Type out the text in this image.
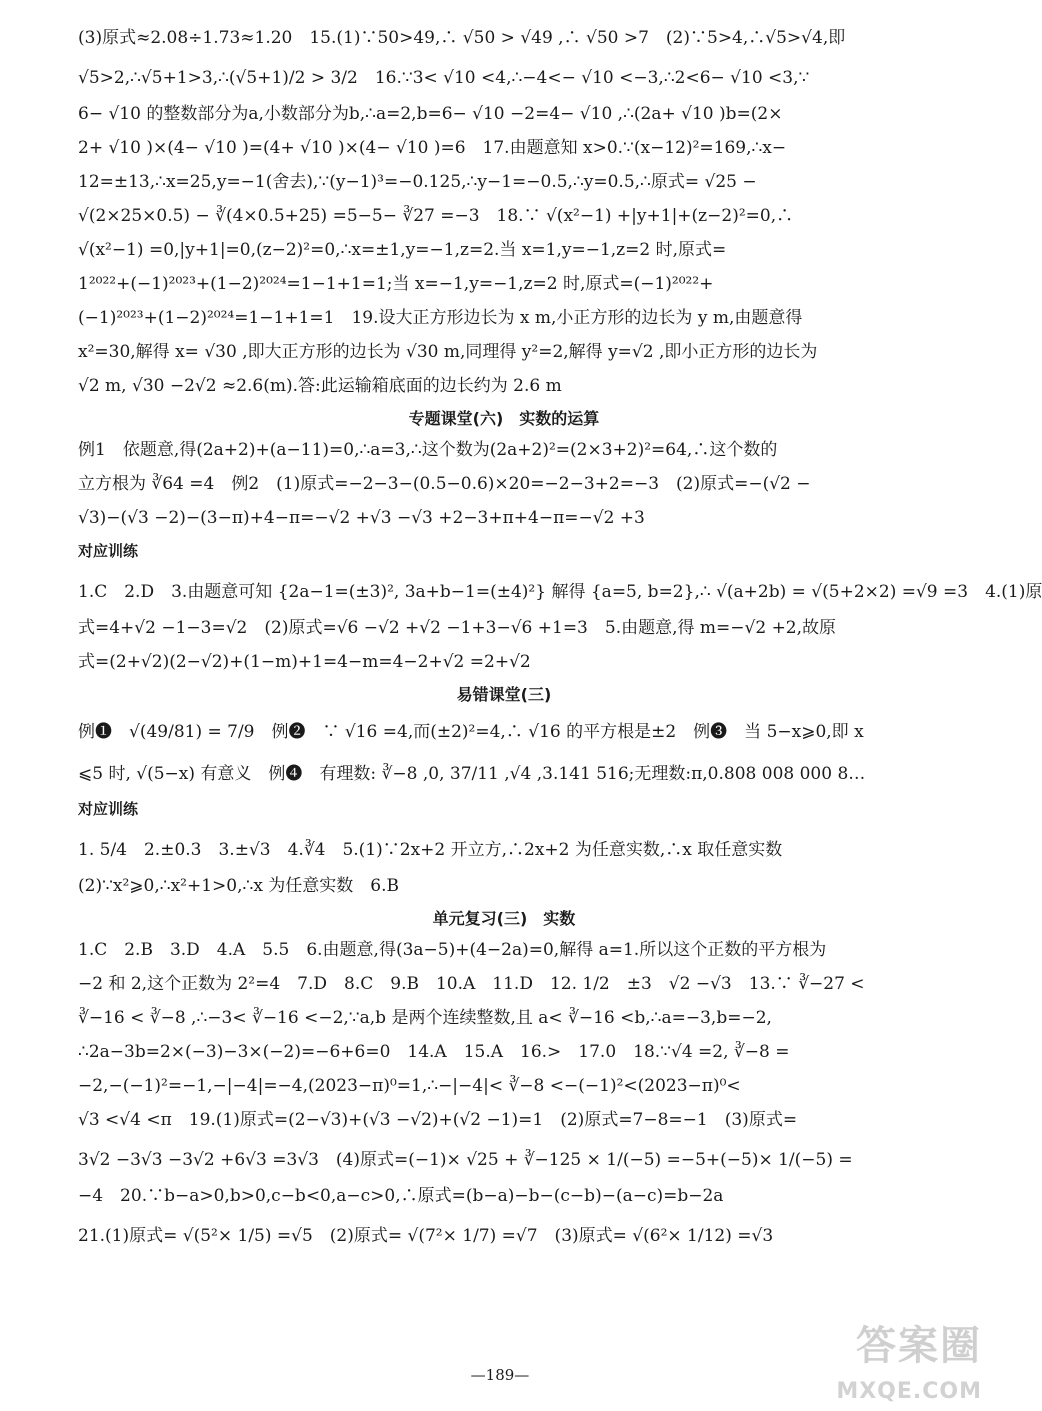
(3)原式≈2.08÷1.73≈1.20　15.(1)∵50>49,∴ √50 > √49 ,∴ √50 >7　(2)∵5>4,∴√5>√4,即
√5>2,∴√5+1>3,∴(√5+1)/2 > 3/2　16.∵3< √10 <4,∴−4<− √10 <−3,∴2<6− √10 <3,∵
6− √10 的整数部分为a,小数部分为b,∴a=2,b=6− √10 −2=4− √10 ,∴(2a+ √10 )b=(2×
2+ √10 )×(4− √10 )=(4+ √10 )×(4− √10 )=6　17.由题意知 x>0.∵(x−12)²=169,∴x−
12=±13,∴x=25,y=−1(舍去),∵(y−1)³=−0.125,∴y−1=−0.5,∴y=0.5,∴原式= √25 −
√(2×25×0.5) − ∛(4×0.5+25) =5−5− ∛27 =−3　18.∵ √(x²−1) +|y+1|+(z−2)²=0,∴
√(x²−1) =0,|y+1|=0,(z−2)²=0,∴x=±1,y=−1,z=2.当 x=1,y=−1,z=2 时,原式=
1²⁰²²+(−1)²⁰²³+(1−2)²⁰²⁴=1−1+1=1;当 x=−1,y=−1,z=2 时,原式=(−1)²⁰²²+
(−1)²⁰²³+(1−2)²⁰²⁴=1−1+1=1　19.设大正方形边长为 x m,小正方形的边长为 y m,由题意得
x²=30,解得 x= √30 ,即大正方形的边长为 √30 m,同理得 y²=2,解得 y=√2 ,即小正方形的边长为
√2 m, √30 −2√2 ≈2.6(m).答:此运输箱底面的边长约为 2.6 m
专题课堂(六)　实数的运算
例1　依题意,得(2a+2)+(a−11)=0,∴a=3,∴这个数为(2a+2)²=(2×3+2)²=64,∴这个数的
立方根为 ∛64 =4　例2　(1)原式=−2−3−(0.5−0.6)×20=−2−3+2=−3　(2)原式=−(√2 −
√3)−(√3 −2)−(3−π)+4−π=−√2 +√3 −√3 +2−3+π+4−π=−√2 +3
对应训练
1.C　2.D　3.由题意可知 {2a−1=(±3)², 3a+b−1=(±4)²} 解得 {a=5, b=2},∴ √(a+2b) = √(5+2×2) =√9 =3　4.(1)原
式=4+√2 −1−3=√2　(2)原式=√6 −√2 +√2 −1+3−√6 +1=3　5.由题意,得 m=−√2 +2,故原
式=(2+√2)(2−√2)+(1−m)+1=4−m=4−2+√2 =2+√2
易错课堂(三)
例❶　√(49/81) = 7/9　例❷　∵ √16 =4,而(±2)²=4,∴ √16 的平方根是±2　例❸　当 5−x⩾0,即 x
⩽5 时, √(5−x) 有意义　例❹　有理数: ∛−8 ,0, 37/11 ,√4 ,3.141 516;无理数:π,0.808 008 000 8…
对应训练
1. 5/4　2.±0.3　3.±√3　4.∛4　5.(1)∵2x+2 开立方,∴2x+2 为任意实数,∴x 取任意实数
(2)∵x²⩾0,∴x²+1>0,∴x 为任意实数　6.B
单元复习(三)　实数
1.C　2.B　3.D　4.A　5.5　6.由题意,得(3a−5)+(4−2a)=0,解得 a=1.所以这个正数的平方根为
−2 和 2,这个正数为 2²=4　7.D　8.C　9.B　10.A　11.D　12. 1/2　±3　√2 −√3　13.∵ ∛−27 <
∛−16 < ∛−8 ,∴−3< ∛−16 <−2,∵a,b 是两个连续整数,且 a< ∛−16 <b,∴a=−3,b=−2,
∴2a−3b=2×(−3)−3×(−2)=−6+6=0　14.A　15.A　16.>　17.0　18.∵√4 =2, ∛−8 =
−2,−(−1)²=−1,−|−4|=−4,(2023−π)⁰=1,∴−|−4|< ∛−8 <−(−1)²<(2023−π)⁰<
√3 <√4 <π　19.(1)原式=(2−√3)+(√3 −√2)+(√2 −1)=1　(2)原式=7−8=−1　(3)原式=
3√2 −3√3 −3√2 +6√3 =3√3　(4)原式=(−1)× √25 + ∛−125 × 1/(−5) =−5+(−5)× 1/(−5) =
−4　20.∵b−a>0,b>0,c−b<0,a−c>0,∴原式=(b−a)−b−(c−b)−(a−c)=b−2a
21.(1)原式= √(5²× 1/5) =√5　(2)原式= √(7²× 1/7) =√7　(3)原式= √(6²× 1/12) =√3
—189—
答案圈
MXQE.COM
